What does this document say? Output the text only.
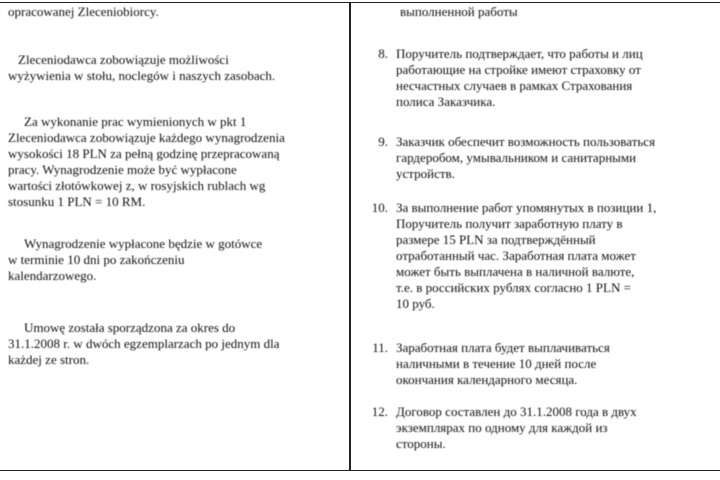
opracowanej Zleceniobiorcy.
Zleceniodawca zobowiązuje możliwości
wyżywienia w stołu, noclegów i naszych zasobach.
Za wykonanie prac wymienionych w pkt 1
Zleceniodawca zobowiązuje każdego wynagrodzenia
wysokości 18 PLN za pełną godzinę przepracowaną
pracy. Wynagrodzenie może być wypłacone
wartości złotówkowej z, w rosyjskich rublach wg
stosunku 1 PLN = 10 RM.
Wynagrodzenie wypłacone będzie w gotówce
w terminie 10 dni po zakończeniu
kalendarzowego.
Umowę została sporządzona za okres do
31.1.2008 r. w dwóch egzemplarzach po jednym dla
każdej ze stron.
выполненной работы
8. Поручитель подтверждает, что работы и лиц
работающие на стройке имеют страховку от
несчастных случаев в рамках Страхования
полиса Заказчика.
9. Заказчик обеспечит возможность пользоваться
гардеробом, умывальником и санитарными
устройств.
10. За выполнение работ упомянутых в позиции 1,
Поручитель получит заработную плату в
размере 15 PLN за подтверждённый
отработанный час. Заработная плата может
может быть выплачена в наличной валюте,
т.е. в российских рублях согласно 1 PLN =
10 руб.
11. Заработная плата будет выплачиваться
наличными в течение 10 дней после
окончания календарного месяца.
12. Договор составлен до 31.1.2008 года в двух
экземплярах по одному для каждой из
стороны.
